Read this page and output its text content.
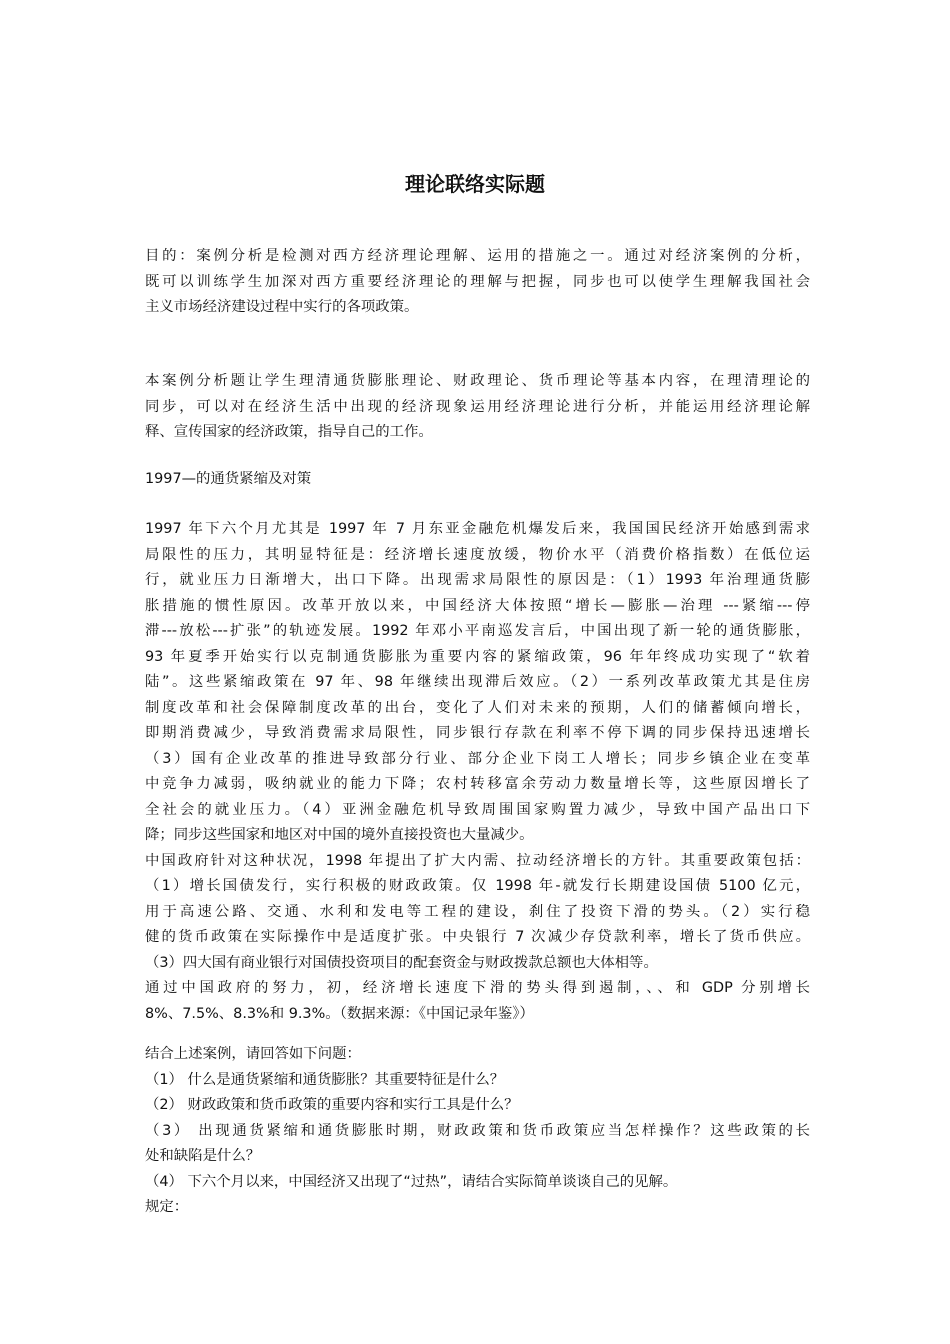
理论联络实际题
目的：案例分析是检测对西方经济理论理解、运用的措施之一。通过对经济案例的分析，
既可以训练学生加深对西方重要经济理论的理解与把握，同步也可以使学生理解我国社会
主义市场经济建设过程中实行的各项政策。
本案例分析题让学生理清通货膨胀理论、财政理论、货币理论等基本内容，在理清理论的
同步，可以对在经济生活中出现的经济现象运用经济理论进行分析，并能运用经济理论解
释、宣传国家的经济政策，指导自己的工作。
1997—的通货紧缩及对策
1997 年下六个月尤其是 1997 年 7 月东亚金融危机爆发后来，我国国民经济开始感到需求
局限性的压力，其明显特征是：经济增长速度放缓，物价水平（消费价格指数）在低位运
行，就业压力日渐增大，出口下降。出现需求局限性的原因是：（1）1993 年治理通货膨
胀措施的惯性原因。改革开放以来，中国经济大体按照“增长—膨胀—治理 ---紧缩---停
滞---放松---扩张”的轨迹发展。1992 年邓小平南巡发言后，中国出现了新一轮的通货膨胀，
93 年夏季开始实行以克制通货膨胀为重要内容的紧缩政策，96 年年终成功实现了“软着
陆”。这些紧缩政策在 97 年、98 年继续出现滞后效应。（2）一系列改革政策尤其是住房
制度改革和社会保障制度改革的出台，变化了人们对未来的预期，人们的储蓄倾向增长，
即期消费减少，导致消费需求局限性，同步银行存款在利率不停下调的同步保持迅速增长
（3）国有企业改革的推进导致部分行业、部分企业下岗工人增长；同步乡镇企业在变革
中竞争力减弱，吸纳就业的能力下降；农村转移富余劳动力数量增长等，这些原因增长了
全社会的就业压力。（4）亚洲金融危机导致周围国家购置力减少，导致中国产品出口下
降；同步这些国家和地区对中国的境外直接投资也大量减少。
中国政府针对这种状况，1998 年提出了扩大内需、拉动经济增长的方针。其重要政策包括：
（1）增长国债发行，实行积极的财政政策。仅 1998 年-就发行长期建设国债 5100 亿元，
用于高速公路、交通、水利和发电等工程的建设，刹住了投资下滑的势头。（2）实行稳
健的货币政策在实际操作中是适度扩张。中央银行 7 次减少存贷款利率，增长了货币供应。
（3）四大国有商业银行对国债投资项目的配套资金与财政拨款总额也大体相等。
通过中国政府的努力，初，经济增长速度下滑的势头得到遏制，、、和 GDP 分别增长
8%、7.5%、8.3%和 9.3%。（数据来源：《中国记录年鉴》）
结合上述案例，请回答如下问题：
（1） 什么是通货紧缩和通货膨胀？其重要特征是什么？
（2） 财政政策和货币政策的重要内容和实行工具是什么？
（3） 出现通货紧缩和通货膨胀时期，财政政策和货币政策应当怎样操作？这些政策的长
处和缺陷是什么？
（4） 下六个月以来，中国经济又出现了“过热”，请结合实际简单谈谈自己的见解。
规定：
